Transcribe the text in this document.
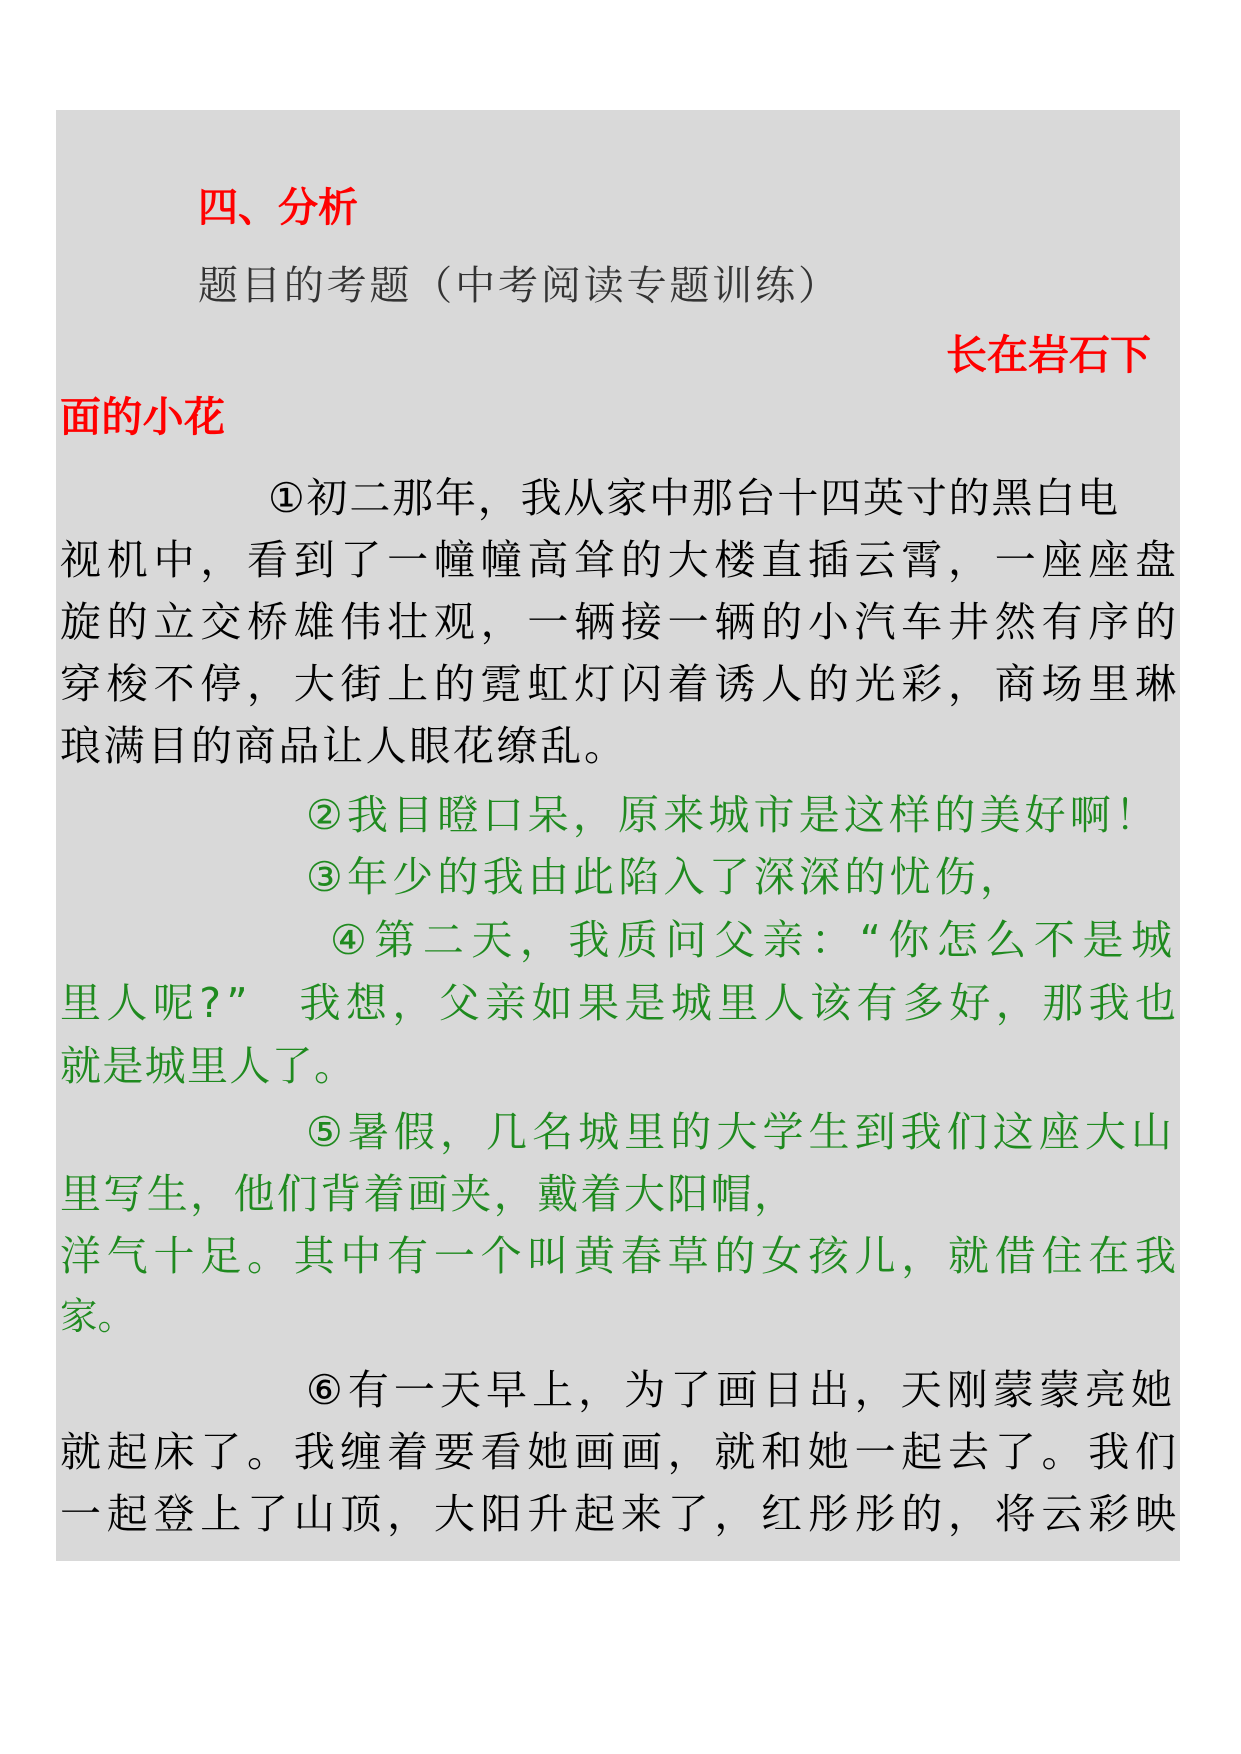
四、分析

题目的考题（中考阅读专题训练）

长在岩石下

面的小花

①初二那年，我从家中那台十四英寸的黑白电

视机中，看到了一幢幢高耸的大楼直插云霄，一座座盘

旋的立交桥雄伟壮观，一辆接一辆的小汽车井然有序的

穿梭不停，大街上的霓虹灯闪着诱人的光彩，商场里琳

琅满目的商品让人眼花缭乱。

②我目瞪口呆，原来城市是这样的美好啊！

③年少的我由此陷入了深深的忧伤，

④第二天，我质问父亲：“你怎么不是城

里人呢?”　我想，父亲如果是城里人该有多好，那我也

就是城里人了。

⑤暑假，几名城里的大学生到我们这座大山

里写生，他们背着画夹，戴着大阳帽，

洋气十足。其中有一个叫黄春草的女孩儿，就借住在我

家。

⑥有一天早上，为了画日出，天刚蒙蒙亮她

就起床了。我缠着要看她画画，就和她一起去了。我们

一起登上了山顶，大阳升起来了，红彤彤的，将云彩映
